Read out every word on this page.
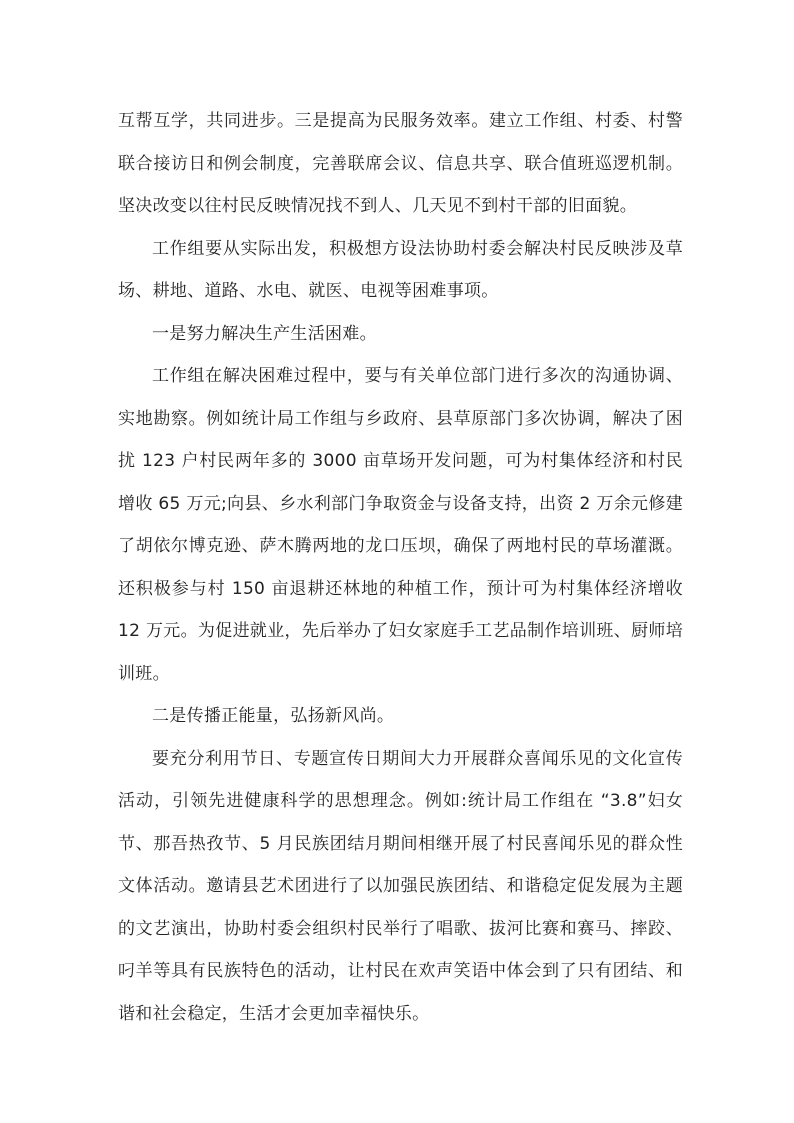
互帮互学，共同进步。三是提高为民服务效率。建立工作组、村委、村警联合接访日和例会制度，完善联席会议、信息共享、联合值班巡逻机制。坚决改变以往村民反映情况找不到人、几天见不到村干部的旧面貌。

工作组要从实际出发，积极想方设法协助村委会解决村民反映涉及草场、耕地、道路、水电、就医、电视等困难事项。

一是努力解决生产生活困难。

工作组在解决困难过程中，要与有关单位部门进行多次的沟通协调、实地勘察。例如统计局工作组与乡政府、县草原部门多次协调，解决了困扰 123 户村民两年多的 3000 亩草场开发问题，可为村集体经济和村民增收 65 万元;向县、乡水利部门争取资金与设备支持，出资 2 万余元修建了胡依尔博克逊、萨木腾两地的龙口压坝，确保了两地村民的草场灌溉。还积极参与村 150 亩退耕还林地的种植工作，预计可为村集体经济增收 12 万元。为促进就业，先后举办了妇女家庭手工艺品制作培训班、厨师培训班。

二是传播正能量，弘扬新风尚。

要充分利用节日、专题宣传日期间大力开展群众喜闻乐见的文化宣传活动，引领先进健康科学的思想理念。例如:统计局工作组在 “3.8”妇女节、那吾热孜节、5 月民族团结月期间相继开展了村民喜闻乐见的群众性文体活动。邀请县艺术团进行了以加强民族团结、和谐稳定促发展为主题的文艺演出，协助村委会组织村民举行了唱歌、拔河比赛和赛马、摔跤、叼羊等具有民族特色的活动，让村民在欢声笑语中体会到了只有团结、和谐和社会稳定，生活才会更加幸福快乐。
